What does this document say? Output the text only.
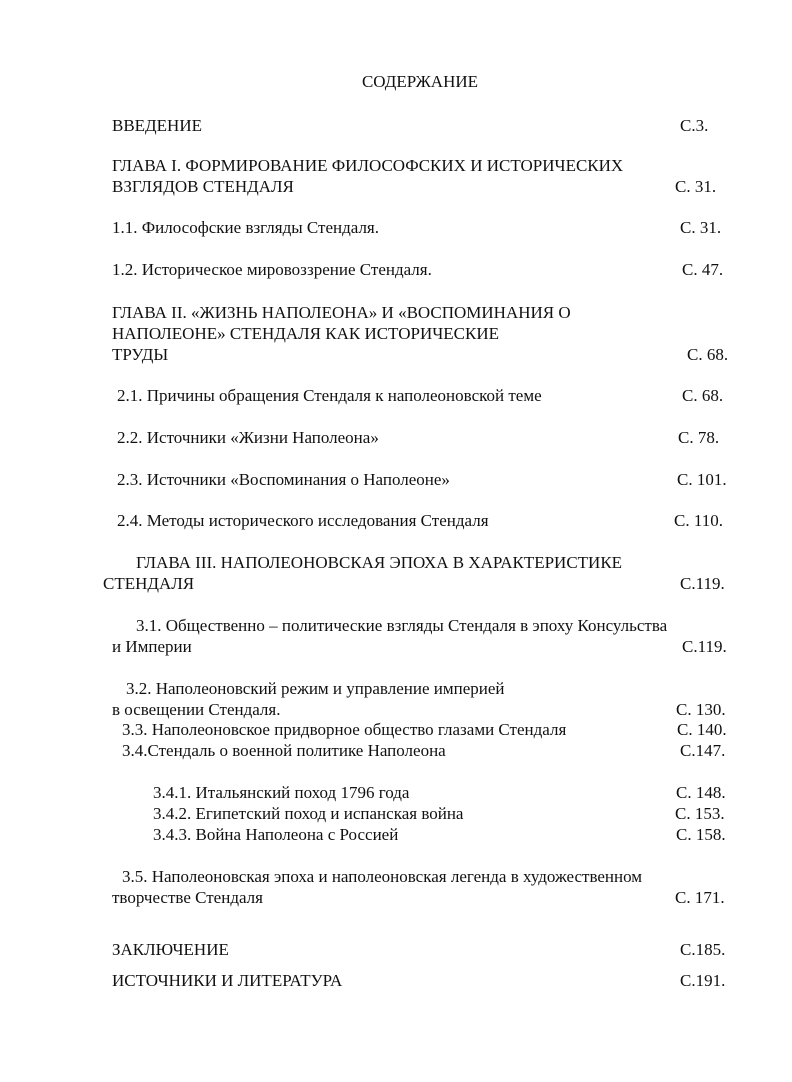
СОДЕРЖАНИЕ
ВВЕДЕНИЕ	С.3.
ГЛАВА I. ФОРМИРОВАНИЕ ФИЛОСОФСКИХ И ИСТОРИЧЕСКИХ
ВЗГЛЯДОВ СТЕНДАЛЯ	С. 31.
1.1. Философские взгляды Стендаля.	С. 31.
1.2. Историческое мировоззрение Стендаля.	С. 47.
ГЛАВА II. «ЖИЗНЬ НАПОЛЕОНА» И «ВОСПОМИНАНИЯ О
НАПОЛЕОНЕ» СТЕНДАЛЯ КАК ИСТОРИЧЕСКИЕ
ТРУДЫ	С. 68.
2.1. Причины обращения Стендаля к наполеоновской теме	С. 68.
2.2. Источники «Жизни Наполеона»	С. 78.
2.3. Источники «Воспоминания о Наполеоне»	С. 101.
2.4. Методы исторического исследования Стендаля	С. 110.
ГЛАВА III. НАПОЛЕОНОВСКАЯ ЭПОХА В ХАРАКТЕРИСТИКЕ
СТЕНДАЛЯ	С.119.
3.1. Общественно – политические взгляды Стендаля в эпоху Консульства
и Империи	С.119.
3.2. Наполеоновский режим и управление империей
в освещении Стендаля.	С. 130.
3.3. Наполеоновское придворное общество глазами Стендаля	С. 140.
3.4.Стендаль о военной политике Наполеона	С.147.
3.4.1. Итальянский поход 1796 года	С. 148.
3.4.2. Египетский поход и испанская война	С. 153.
3.4.3. Война Наполеона с Россией	С. 158.
3.5. Наполеоновская эпоха и наполеоновская легенда в художественном
творчестве Стендаля	С. 171.
ЗАКЛЮЧЕНИЕ	С.185.
ИСТОЧНИКИ И ЛИТЕРАТУРА	С.191.
